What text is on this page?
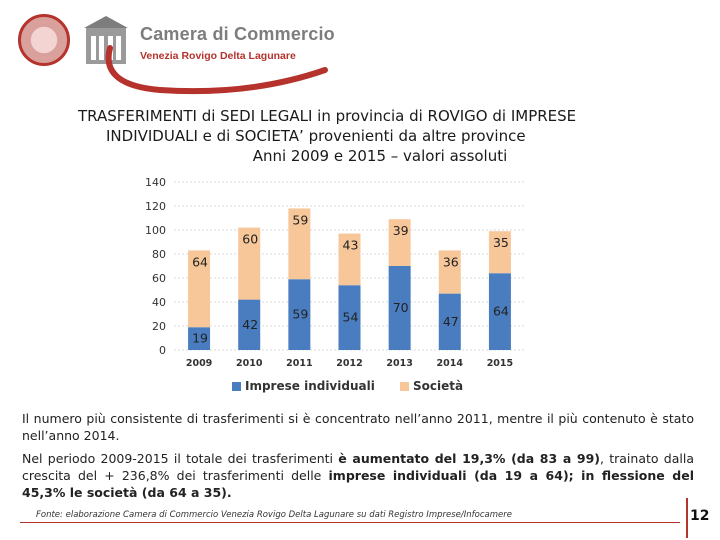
Camera di Commercio
Venezia Rovigo Delta Lagunare
TRASFERIMENTI di SEDI LEGALI in provincia di ROVIGO di IMPRESE
INDIVIDUALI e di SOCIETA’ provenienti da altre province
Anni 2009 e 2015 – valori assoluti
0
20
40
60
80
100
120
140
19
64
2009
42
60
2010
59
59
2011
54
43
2012
70
39
2013
47
36
2014
64
35
2015
Imprese individuali	Società
Il numero più consistente di trasferimenti si è concentrato nell’anno 2011, mentre il più contenuto è stato nell’anno 2014.
Nel periodo 2009-2015 il totale dei trasferimenti è aumentato del 19,3% (da 83 a 99), trainato dalla crescita del + 236,8% dei trasferimenti delle imprese individuali (da 19 a 64); in flessione del 45,3% le società (da 64 a 35).
Fonte: elaborazione Camera di Commercio Venezia Rovigo Delta Lagunare su dati Registro Imprese/Infocamere	12
